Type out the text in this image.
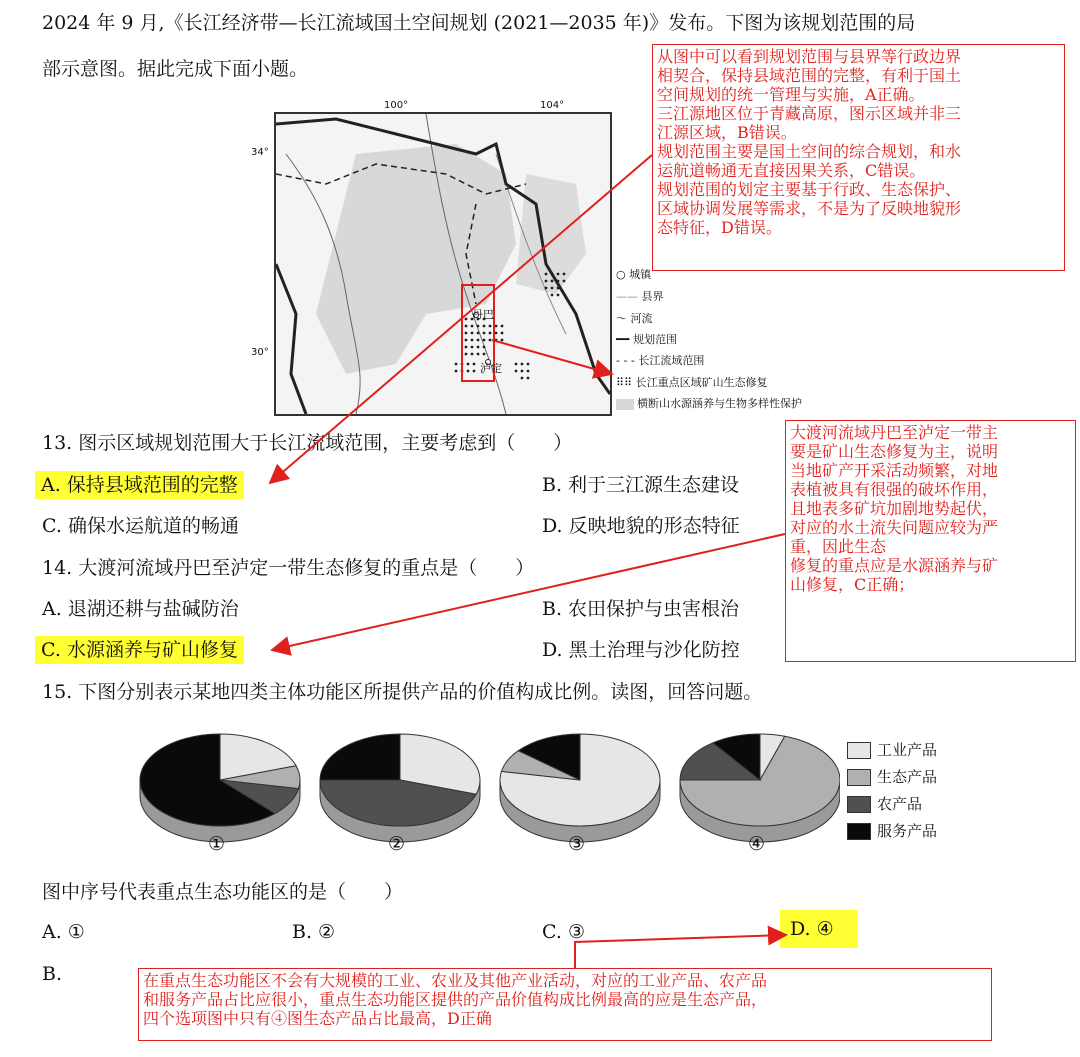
2024 年 9 月,《长江经济带—长江流域国土空间规划 (2021—2035 年)》发布。下图为该规划范围的局
部示意图。据此完成下面小题。
丹巴
泸定
100°	104°
34°
30°
○ 城镇
—— 县界
〜 河流
━━ 规划范围
- - - 长江流域范围
⠿⠿ 长江重点区域矿山生态修复
横断山水源涵养与生物多样性保护

从图中可以看到规划范围与县界等行政边界

相契合，保持县域范围的完整，有利于国土

空间规划的统一管理与实施，A正确。

三江源地区位于青藏高原，图示区域并非三

江源区域，B错误。

规划范围主要是国土空间的综合规划，和水

运航道畅通无直接因果关系，C错误。

规划范围的划定主要基于行政、生态保护、

区域协调发展等需求，不是为了反映地貌形

态特征，D错误。

13. 图示区域规划范围大于长江流域范围，主要考虑到（　　）
A. 保持县域范围的完整	B. 利于三江源生态建设
C. 确保水运航道的畅通	D. 反映地貌的形态特征

大渡河流域丹巴至泸定一带主

要是矿山生态修复为主，说明

当地矿产开采活动频繁，对地

表植被具有很强的破坏作用，

且地表多矿坑加剧地势起伏，

对应的水土流失问题应较为严

重，因此生态

修复的重点应是水源涵养与矿

山修复，C正确；

14. 大渡河流域丹巴至泸定一带生态修复的重点是（　　）
A. 退湖还耕与盐碱防治	B. 农田保护与虫害根治
C. 水源涵养与矿山修复	D. 黑土治理与沙化防控
15. 下图分别表示某地四类主体功能区所提供产品的价值构成比例。读图，回答问题。
①	②	③	④
工业产品
生态产品
农产品
服务产品
图中序号代表重点生态功能区的是（　　）
A. ①	B. ②	C. ③	D. ④
B.	在重点生态功能区不会有大规模的工业、农业及其他产业活动，对应的工业产品、农产品

和服务产品占比应很小，重点生态功能区提供的产品价值构成比例最高的应是生态产品，

四个选项图中只有④图生态产品占比最高，D正确
